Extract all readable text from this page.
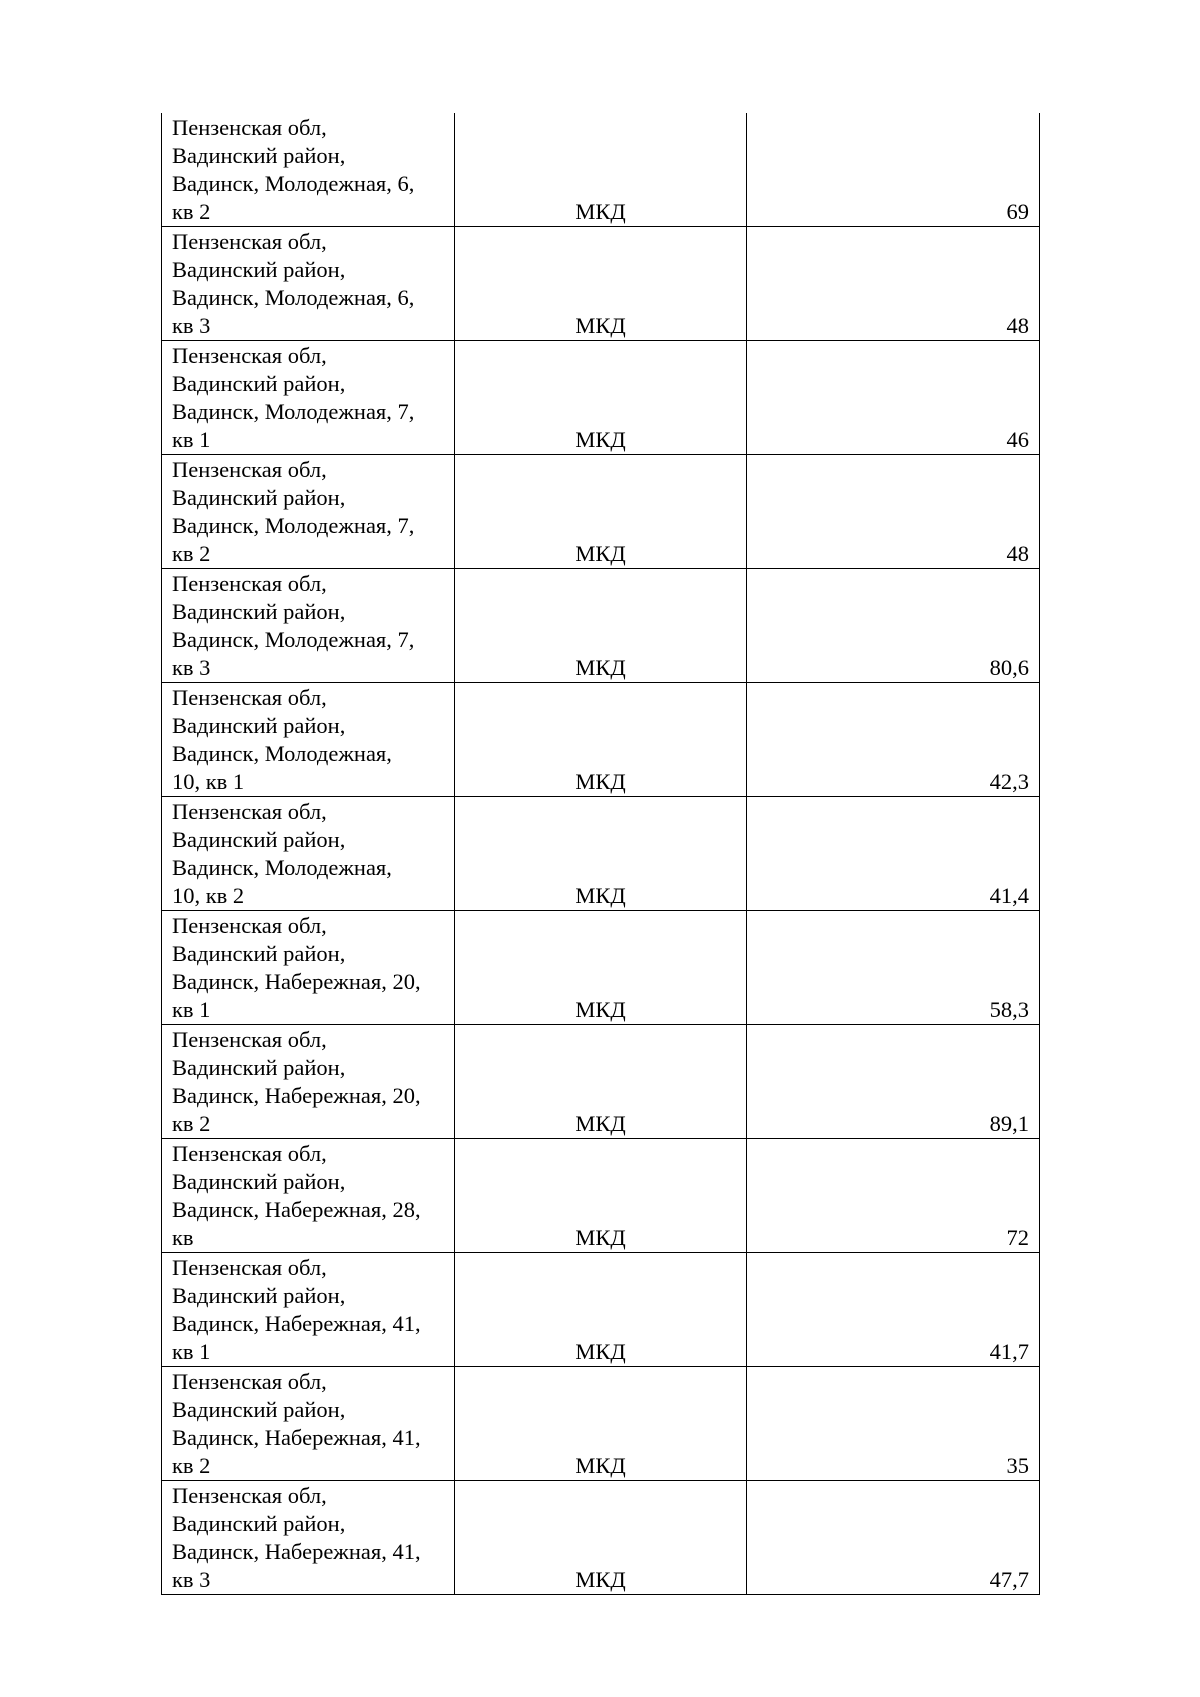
Пензенская обл,
Вадинский район,
Вадинск, Молодежная, 6,
кв 2	МКД	69
Пензенская обл,
Вадинский район,
Вадинск, Молодежная, 6,
кв 3	МКД	48
Пензенская обл,
Вадинский район,
Вадинск, Молодежная, 7,
кв 1	МКД	46
Пензенская обл,
Вадинский район,
Вадинск, Молодежная, 7,
кв 2	МКД	48
Пензенская обл,
Вадинский район,
Вадинск, Молодежная, 7,
кв 3	МКД	80,6
Пензенская обл,
Вадинский район,
Вадинск, Молодежная,
10, кв 1	МКД	42,3
Пензенская обл,
Вадинский район,
Вадинск, Молодежная,
10, кв 2	МКД	41,4
Пензенская обл,
Вадинский район,
Вадинск, Набережная, 20,
кв 1	МКД	58,3
Пензенская обл,
Вадинский район,
Вадинск, Набережная, 20,
кв 2	МКД	89,1
Пензенская обл,
Вадинский район,
Вадинск, Набережная, 28,
кв	МКД	72
Пензенская обл,
Вадинский район,
Вадинск, Набережная, 41,
кв 1	МКД	41,7
Пензенская обл,
Вадинский район,
Вадинск, Набережная, 41,
кв 2	МКД	35
Пензенская обл,
Вадинский район,
Вадинск, Набережная, 41,
кв 3	МКД	47,7
